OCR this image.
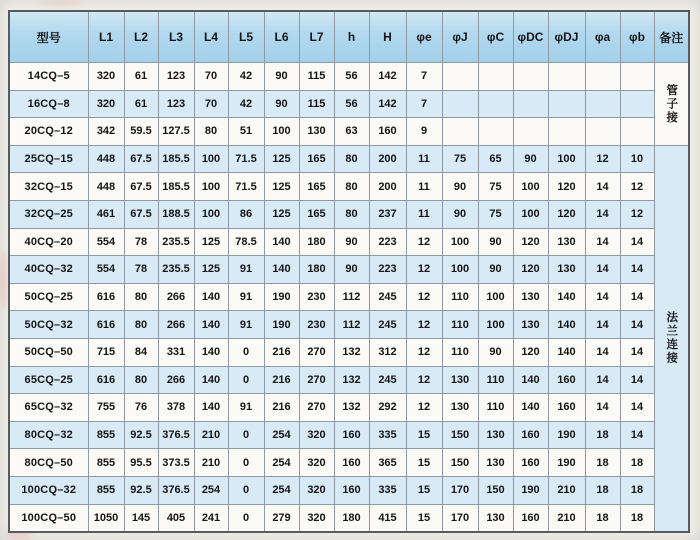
型号	L1	L2	L3	L4	L5	L6	L7	h	H	φe	φJ	φC	φDC	φDJ	φa	φb	备注
14CQ–5	320	61	123	70	42	90	115	56	142	7							管子接
16CQ–8	320	61	123	70	42	90	115	56	142	7							
20CQ–12	342	59.5	127.5	80	51	100	130	63	160	9							
25CQ–15	448	67.5	185.5	100	71.5	125	165	80	200	11	75	65	90	100	12	10	法兰连接
32CQ–15	448	67.5	185.5	100	71.5	125	165	80	200	11	90	75	100	120	14	12	
32CQ–25	461	67.5	188.5	100	86	125	165	80	237	11	90	75	100	120	14	12	
40CQ–20	554	78	235.5	125	78.5	140	180	90	223	12	100	90	120	130	14	14	
40CQ–32	554	78	235.5	125	91	140	180	90	223	12	100	90	120	130	14	14	
50CQ–25	616	80	266	140	91	190	230	112	245	12	110	100	130	140	14	14	
50CQ–32	616	80	266	140	91	190	230	112	245	12	110	100	130	140	14	14	
50CQ–50	715	84	331	140	0	216	270	132	312	12	110	90	120	140	14	14	
65CQ–25	616	80	266	140	0	216	270	132	245	12	130	110	140	160	14	14	
65CQ–32	755	76	378	140	91	216	270	132	292	12	130	110	140	160	14	14	
80CQ–32	855	92.5	376.5	210	0	254	320	160	335	15	150	130	160	190	18	14	
80CQ–50	855	95.5	373.5	210	0	254	320	160	365	15	150	130	160	190	18	18	
100CQ–32	855	92.5	376.5	254	0	254	320	160	335	15	170	150	190	210	18	18	
100CQ–50	1050	145	405	241	0	279	320	180	415	15	170	130	160	210	18	18	
